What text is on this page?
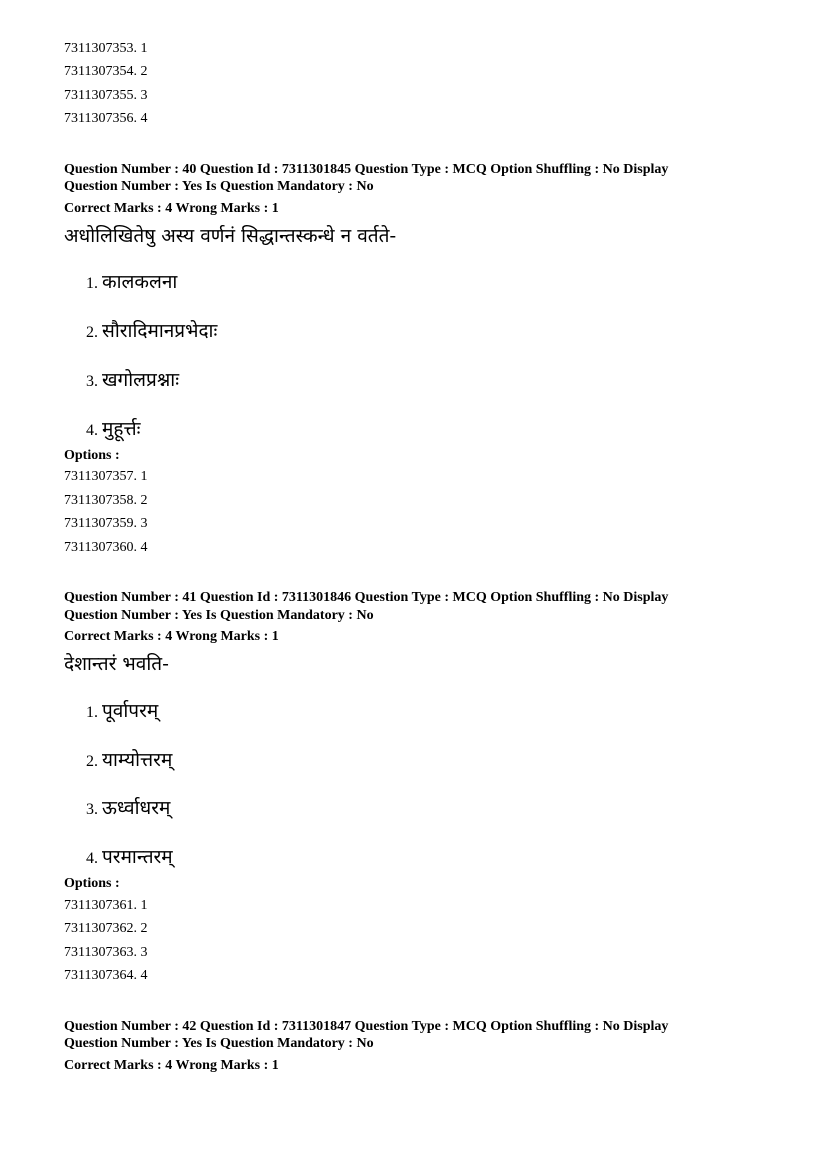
7311307353. 1
7311307354. 2
7311307355. 3
7311307356. 4
Question Number : 40 Question Id : 7311301845 Question Type : MCQ Option Shuffling : No Display
Question Number : Yes Is Question Mandatory : No
Correct Marks : 4 Wrong Marks : 1
अधोलिखितेषु अस्य वर्णनं सिद्धान्तस्कन्धे न वर्तते-
1. कालकलना
2. सौरादिमानप्रभेदाः
3. खगोलप्रश्नाः
4. मुहूर्त्तः
Options :
7311307357. 1
7311307358. 2
7311307359. 3
7311307360. 4
Question Number : 41 Question Id : 7311301846 Question Type : MCQ Option Shuffling : No Display
Question Number : Yes Is Question Mandatory : No
Correct Marks : 4 Wrong Marks : 1
देशान्तरं भवति-
1. पूर्वापरम्
2. याम्योत्तरम्
3. ऊर्ध्वाधरम्
4. परमान्तरम्
Options :
7311307361. 1
7311307362. 2
7311307363. 3
7311307364. 4
Question Number : 42 Question Id : 7311301847 Question Type : MCQ Option Shuffling : No Display
Question Number : Yes Is Question Mandatory : No
Correct Marks : 4 Wrong Marks : 1
